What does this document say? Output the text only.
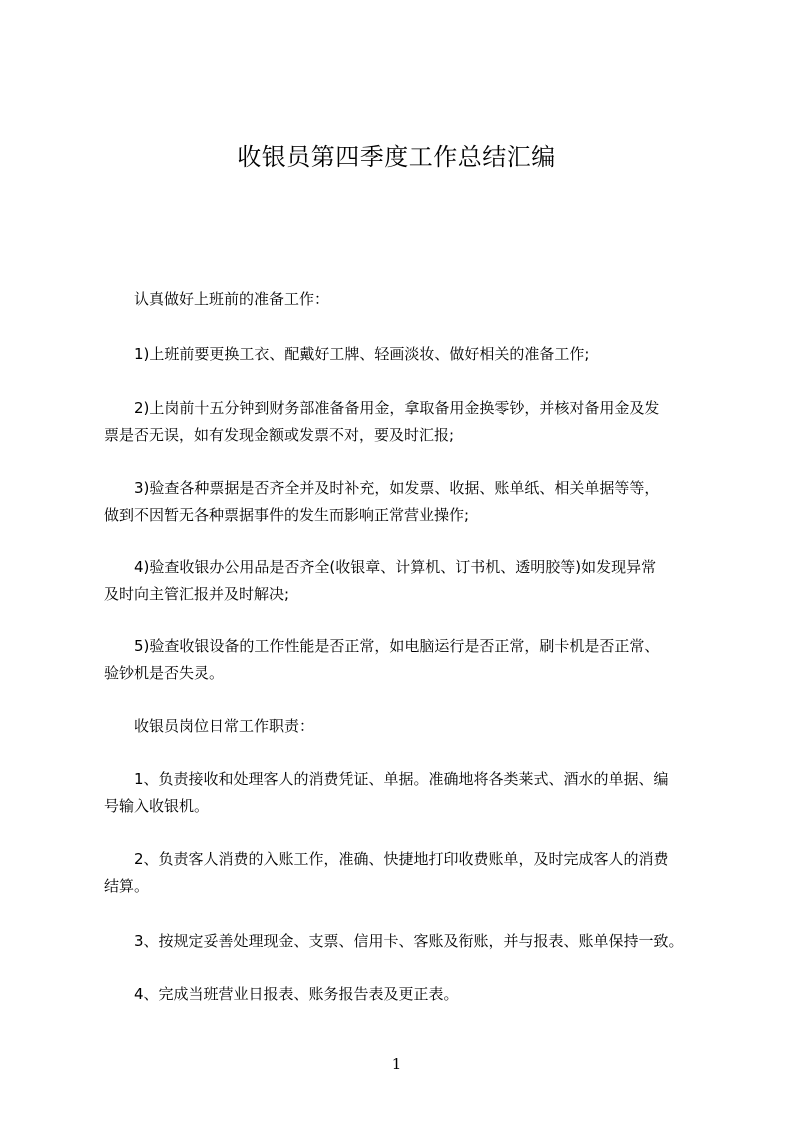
收银员第四季度工作总结汇编
　　认真做好上班前的准备工作：
　　1)上班前要更换工衣、配戴好工牌、轻画淡妆、做好相关的准备工作;
　　2)上岗前十五分钟到财务部准备备用金，拿取备用金换零钞，并核对备用金及发
票是否无误，如有发现金额或发票不对，要及时汇报;
　　3)验查各种票据是否齐全并及时补充，如发票、收据、账单纸、相关单据等等，
做到不因暂无各种票据事件的发生而影响正常营业操作;
　　4)验查收银办公用品是否齐全(收银章、计算机、订书机、透明胶等)如发现异常
及时向主管汇报并及时解决;
　　5)验查收银设备的工作性能是否正常，如电脑运行是否正常，刷卡机是否正常、
验钞机是否失灵。
　　收银员岗位日常工作职责：
　　1、负责接收和处理客人的消费凭证、单据。准确地将各类莱式、酒水的单据、编
号输入收银机。
　　2、负责客人消费的入账工作，准确、快捷地打印收费账单，及时完成客人的消费
结算。
　　3、按规定妥善处理现金、支票、信用卡、客账及衔账，并与报表、账单保持一致。
　　4、完成当班营业日报表、账务报告表及更正表。
1
